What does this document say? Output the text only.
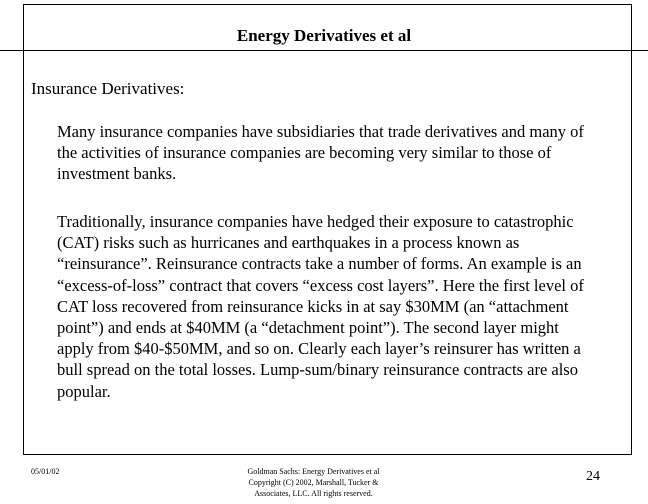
Energy Derivatives et al
Insurance Derivatives:

Many insurance companies have subsidiaries that trade derivatives and many of the activities of insurance companies are becoming very similar to those of investment banks.

Traditionally, insurance companies have hedged their exposure to catastrophic (CAT) risks such as hurricanes and earthquakes in a process known as “reinsurance”. Reinsurance contracts take a number of forms. An example is an “excess-of-loss” contract that covers “excess cost layers”. Here the first level of CAT loss recovered from reinsurance kicks in at say $30MM (an “attachment point”) and ends at $40MM (a “detachment point”). The second layer might apply from $40-$50MM, and so on. Clearly each layer’s reinsurer has written a bull spread on the total losses. Lump-sum/binary reinsurance contracts are also popular.

05/01/02	Goldman Sachs: Energy Derivatives et al
Copyright (C) 2002, Marshall, Tucker &
Associates, LLC. All rights reserved.
24
